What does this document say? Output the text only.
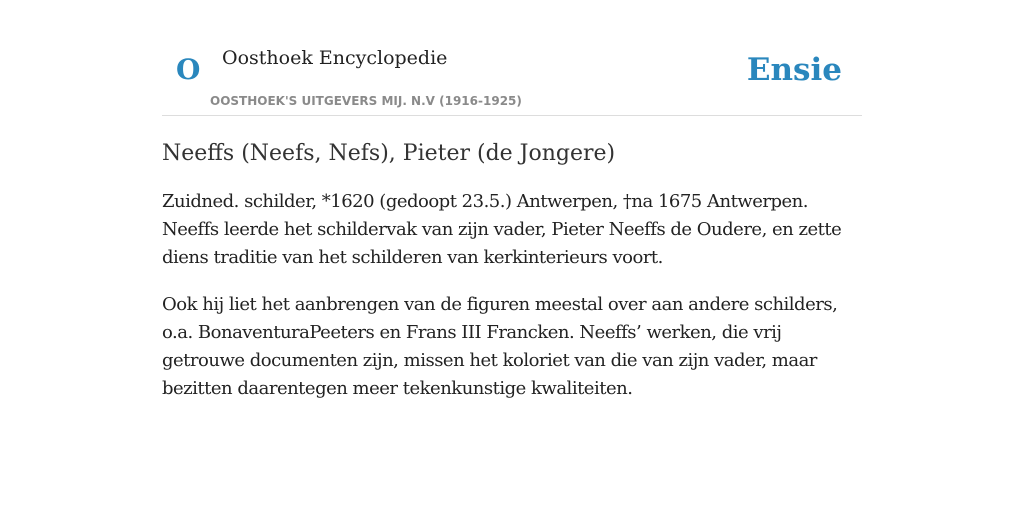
O Oosthoek Encyclopedie
OOSTHOEK'S UITGEVERS MIJ. N.V (1916-1925)
Ensie
Neeffs (Neefs, Nefs), Pieter (de Jongere)

Zuidned. schilder, *1620 (gedoopt 23.5.) Antwerpen, †na 1675 Antwerpen. Neeffs leerde het schildervak van zijn vader, Pieter Neeffs de Oudere, en zette diens traditie van het schilderen van kerkinterieurs voort.

Ook hij liet het aanbrengen van de figuren meestal over aan andere schilders, o.a. BonaventuraPeeters en Frans III Francken. Neeffs’ werken, die vrij getrouwe documenten zijn, missen het koloriet van die van zijn vader, maar bezitten daarentegen meer tekenkunstige kwaliteiten.
